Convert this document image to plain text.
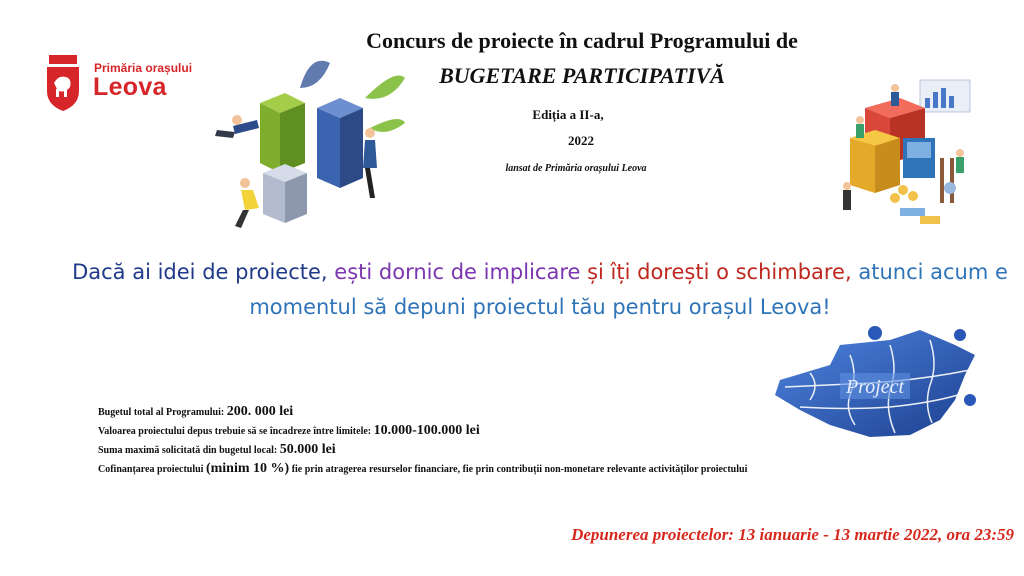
Primăria orașului
Leova
Concurs de proiecte în cadrul Programului de
BUGETARE PARTICIPATIVĂ
Ediția a II-a,
2022
lansat de Primăria orașului Leova
Dacă ai idei de proiecte, ești dornic de implicare și îți dorești o schimbare, atunci acum e
momentul să depuni proiectul tău pentru orașul Leova!
Project
Bugetul total al Programului: 200. 000 lei
Valoarea proiectului depus trebuie să se încadreze între limitele: 10.000-100.000 lei
Suma maximă solicitată din bugetul local: 50.000 lei
Cofinanțarea proiectului (minim 10 %) fie prin atragerea resurselor financiare, fie prin contribuții non-monetare relevante activităților proiectului
Depunerea proiectelor: 13 ianuarie - 13 martie 2022, ora 23:59
